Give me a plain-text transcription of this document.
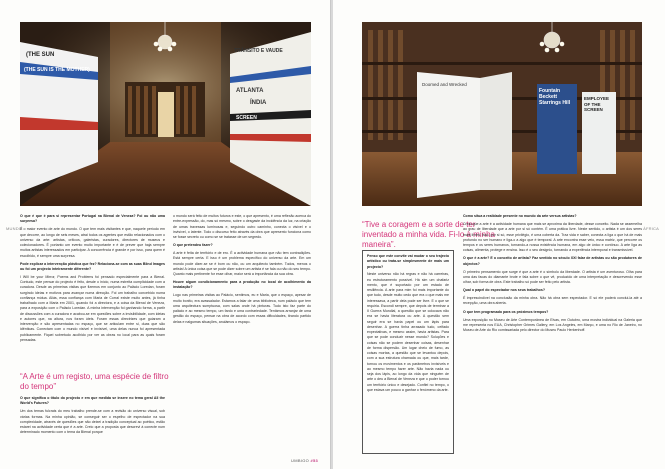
MUNDO
(THE SUN
(THE SUN IS THE MOTHER)
ATLANTA
ÍNDIA
SCREEN
TRÂNSITO E VAUDE

O que é que é para si representar Portugal na Bienal de Veneza? Foi ou não uma surpresa?

É o maior evento de arte do mundo. O que tem mais visitantes e que, naquele período em que decorre, ao longo de seis meses, atrai todos os agentes que estão relacionados com o universo da arte: artistas, críticos, galeristas, curadores, directores de museus e colecionadores. É portanto um evento muito importante e é de prever que haja sempre muitos artistas interessados em participar. A concorrência é grande e por isso, para quem é escolhido, é sempre uma surpresa.

Pode explicar a intervenção plástica que fez? Relaciona-se com as suas Blind Images ou foi um projecto inteiramente diferente?

I Will be your Mirror, Poems and Problems foi pensado especialmente para a Bienal. Contudo, este pensar do projecto é feito, desde o início, numa estreita cumplicidade com a curadora. Desde as primeiras visitas que fizemos em conjunto ao Palácio Loredan, foram surgindo ideias e motivos para avançar numa direcção. Foi um trabalho concebido numa confiança mútua. Aliás, essa confiança com Maria de Corral existe muito antes, já tinha trabalhado com a Maria em 2001, quando foi a directora, e a coisa da Bienal de Veneza, para a exposição com o Palácio Loredan. A minha intervenção foi ganhando forma, a partir de discussões com a curadora e acabou-se em questões sobre a invisibilidade, com ideias e autores que, na altura, nos foram úteis. Foram essas directrizes que guiaram a intervenção e são apresentadas no espaço, que se articulam entre si, duas que são idênticas. Conectam com o mundo visível e invisível, uma delas nunca foi apresentada publicamente. Fiquei sobretudo acolhido por ver as obras no local para as quais foram pensadas.

“A Arte é um registo, uma espécie de filtro do tempo”

O que significa o título do projecto e em que medida se insere no tema geral All the World's Futures?

Um dos temas fulcrais do meu trabalho prende-se com a revisão do universo visual, sob várias formas. Na minha opinião, se conseguir ser o espelho de espectador na sua complexidade, através de questões que não deixei a tradição conceptual ao poético, estão estarei na actividade certa que é a arte. Creio que a proposta que descrevi à conecte num determinado momento com o tema da Bienal porque

o mundo será feito de muitos futuros e este, o que apresento, é uma reflexão acerca do entre-expressão, do, mas só mesmo, sobre o desgaste da incidência da luz, na criação de umas travessas luminosas e, seguindo outro caminho, conecta o visível e o invisível, o latente. Todo o discurso feito através da obra que apresento funciona como se fosse secreto ou como se se tratasse de um segredo.

O que pretendeu fazer?

A arte é feita de território e de ero. É a actividade humana que não tem contradições. Está sempre certa. E isso é um problema específico do universo da arte. Em um mundo pode dizer-se se é bom ou não, ou um arquitecto também. Todos, menos o artista! A única coisa que se pode dizer sobre um artista é se fala ou não do seu tempo. Quanto mais pertinente for esse olhar, maior será a importância da sua obra.

Houve algum condicionamento para a produção no local de acolhimento da instalação?

Logo nas primeiras visitas ao Palácio, sentimos, eu e Maria, que o espaço, apesar de muito bonito, era avassalador. Estamos a falar de uma biblioteca, num palácio que tem uma arquitectura sumptuosa, com salas onde há pinturas. Tudo isto faz parte do palácio e ao mesmo tempo, um fardo e uma contrariedade. Tentámos arranjar de uma gestão do espaço, pensar na obra de acordo com essas dificuldades, tirando partido delas e nalgumas situações, anulámos o espaço.

ÁFRICA
Doomed and Wrecked
Fountain Beckett Starrings Hill
EMPLOYEE OF THE SCREEN
“Tive a coragem e a sorte de ter inventado a minha vida. Fi-lo à minha maneira”.

Penso que este convite vai mudar o seu trajecto artístico ou trata-se simplesmente de mais um projecto?

Neste universo não há regras e não há carreiras, eu estruturamento possível. Há sim um chafariz mento, que é suportado por um estado de resiliência. A arte para mim foi mais importante do que tudo, desde muito cedo que era o que mais me interessava, a partir dela pode ser livre. E o que se requiria. Escondi sempre, que depois de terminar a II Guerra Mundial, a questão que se colocava não era se havia literatura ou arte. A questão sem seguir era se havia papel ou um lápis para desenhar. A guerra tinha arrasado tudo, ceifado expectativas, e mesmo assim, havia artistas. Para que se pode conduzir nesse mundo? Soluções e coisas não se podem desenhar coisas, desenhar de forma dispersão. Um lugar cheio de fumo, as coisas mortas, a questão que se levantou depois, com a sua estrutura chamada ou que, mais tarde, tornou os movimentos e os parâmetros invisíveis e ao mesmo tempo fazer arte. Não havia nada ou seja dos lápis, ao longo da vida que ninguém de arte o deu a Bienal de Veneza e que o poder tornou um território único e desejado. Confiei no tempo, o que estava um pouco a ganhar o fenómeno da arte.

Como situa a realidade presente no mundo da arte versus artistas?

Creio que a arte é a actividade humana que mais se aproxima da liberdade, desse conceito. Nada se assemelha ao grau de liberdade que a arte por si só contém. É uma prática livre. Neste sentido, o artista é um dos seres mais livres. Isso, por si só, esse privilégio, é uma coberta da. Traz vida e saber, conecta a liga o que há de mais profundo no ser humano e liga-o a algo que é temporal. A arte encontra esse veio, essa matriz, que percorre os tempos e os seres humanos, tornando-a nossa existência humana, em algo de único e contínuo. A arte liga as coisas, alimenta, protege e ensina. Isso é o seu designio, tornando a experiência intemporal e transmissível.

O que é a arte? E o conceito de artista? Faz sentido no século XXI falar de artistas ou são produtores de objectos?

O primeiro pensamento que surge é que a arte é o símbolo da liberdade. O artista é um aventuroso. Olha para uma das facas do diamante brute e fala sobre o que vê, produzido de uma interpretação e descrevendo esse olhar, sob forma de obra. Este trabalho só pode ser feito pelo artista.

Qual o papel do espectador nos seus trabalhos?

É imprescindível na conclusão da minha obra. Não há obra sem espectador. E só ele poderá conclui-la até a recepção, uma obra aberta.

O que tem programado para os próximos tempos?

Uma exposição no Museu de Arte Contemporânea de Elvas, em Outubro, uma mostra individual na Galeria que me representa nos EUA, Christopher Grimes Gallery, em Los Angeles, em Março, e uma no Rio de Janeiro, no Museu de Arte do Rio comissariada pelo director do Museu Paulo Herkenhoff.

UMBIGO #53
